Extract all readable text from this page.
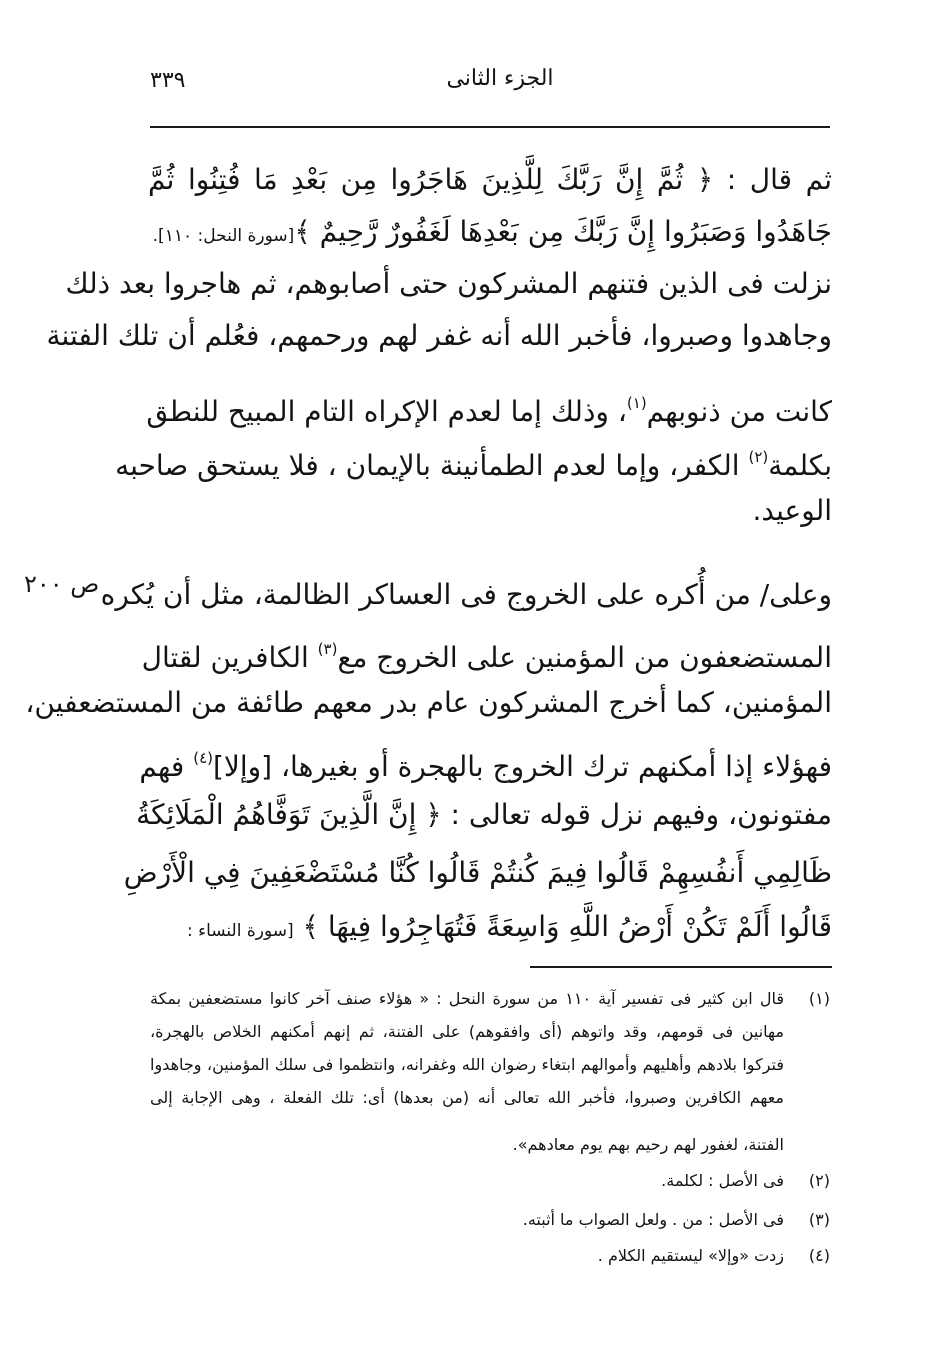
٣٣٩	الجزء الثانى
ثم قال : ﴿ ثُمَّ إِنَّ رَبَّكَ لِلَّذِينَ هَاجَرُوا مِن بَعْدِ مَا فُتِنُوا ثُمَّ
جَاهَدُوا وَصَبَرُوا إِنَّ رَبَّكَ مِن بَعْدِهَا لَغَفُورٌ رَّحِيمٌ ﴾[سورة النحل: ١١٠].
نزلت فى الذين فتنهم المشركون حتى أصابوهم، ثم هاجروا بعد ذلك
وجاهدوا وصبروا، فأخبر الله أنه غفر لهم ورحمهم، فعُلم أن تلك الفتنة
كانت من ذنوبهم$^{(١)}$، وذلك إما لعدم الإكراه التام المبيح للنطق
بكلمة$^{(٢)}$ الكفر، وإما لعدم الطمأنينة بالإيمان ، فلا يستحق صاحبه
الوعيد.
ص ٢٠٠ وعلى/ من أُكره على الخروج فى العساكر الظالمة، مثل أن يُكره
المستضعفون من المؤمنين على الخروج مع$^{(٣)}$ الكافرين لقتال
المؤمنين، كما أخرج المشركون عام بدر معهم طائفة من المستضعفين،
فهؤلاء إذا أمكنهم ترك الخروج بالهجرة أو بغيرها، [وإلا]$^{(٤)}$ فهم
مفتونون، وفيهم نزل قوله تعالى : ﴿ إِنَّ الَّذِينَ تَوَفَّاهُمُ الْمَلَائِكَةُ
ظَالِمِي أَنفُسِهِمْ قَالُوا فِيمَ كُنتُمْ قَالُوا كُنَّا مُسْتَضْعَفِينَ فِي الْأَرْضِ
قَالُوا أَلَمْ تَكُنْ أَرْضُ اللَّهِ وَاسِعَةً فَتُهَاجِرُوا فِيهَا ﴾ [سورة النساء :
(١)قال ابن كثير فى تفسير آية ١١٠ من سورة النحل : « هؤلاء صنف آخر كانوا مستضعفين بمكة
مهانين فى قومهم، وقد واتوهم (أى وافقوهم) على الفتنة، ثم إنهم أمكنهم الخلاص بالهجرة،
فتركوا بلادهم وأهليهم وأموالهم ابتغاء رضوان الله وغفرانه، وانتظموا فى سلك المؤمنين، وجاهدوا
معهم الكافرين وصبروا، فأخبر الله تعالى أنه (من بعدها) أى: تلك الفعلة ، وهى الإجابة إلى
الفتنة، لغفور لهم رحيم بهم يوم معادهم».
(٢)فى الأصل : لكلمة.
(٣)فى الأصل : من . ولعل الصواب ما أثبته.
(٤)زدت «وإلا» ليستقيم الكلام .
